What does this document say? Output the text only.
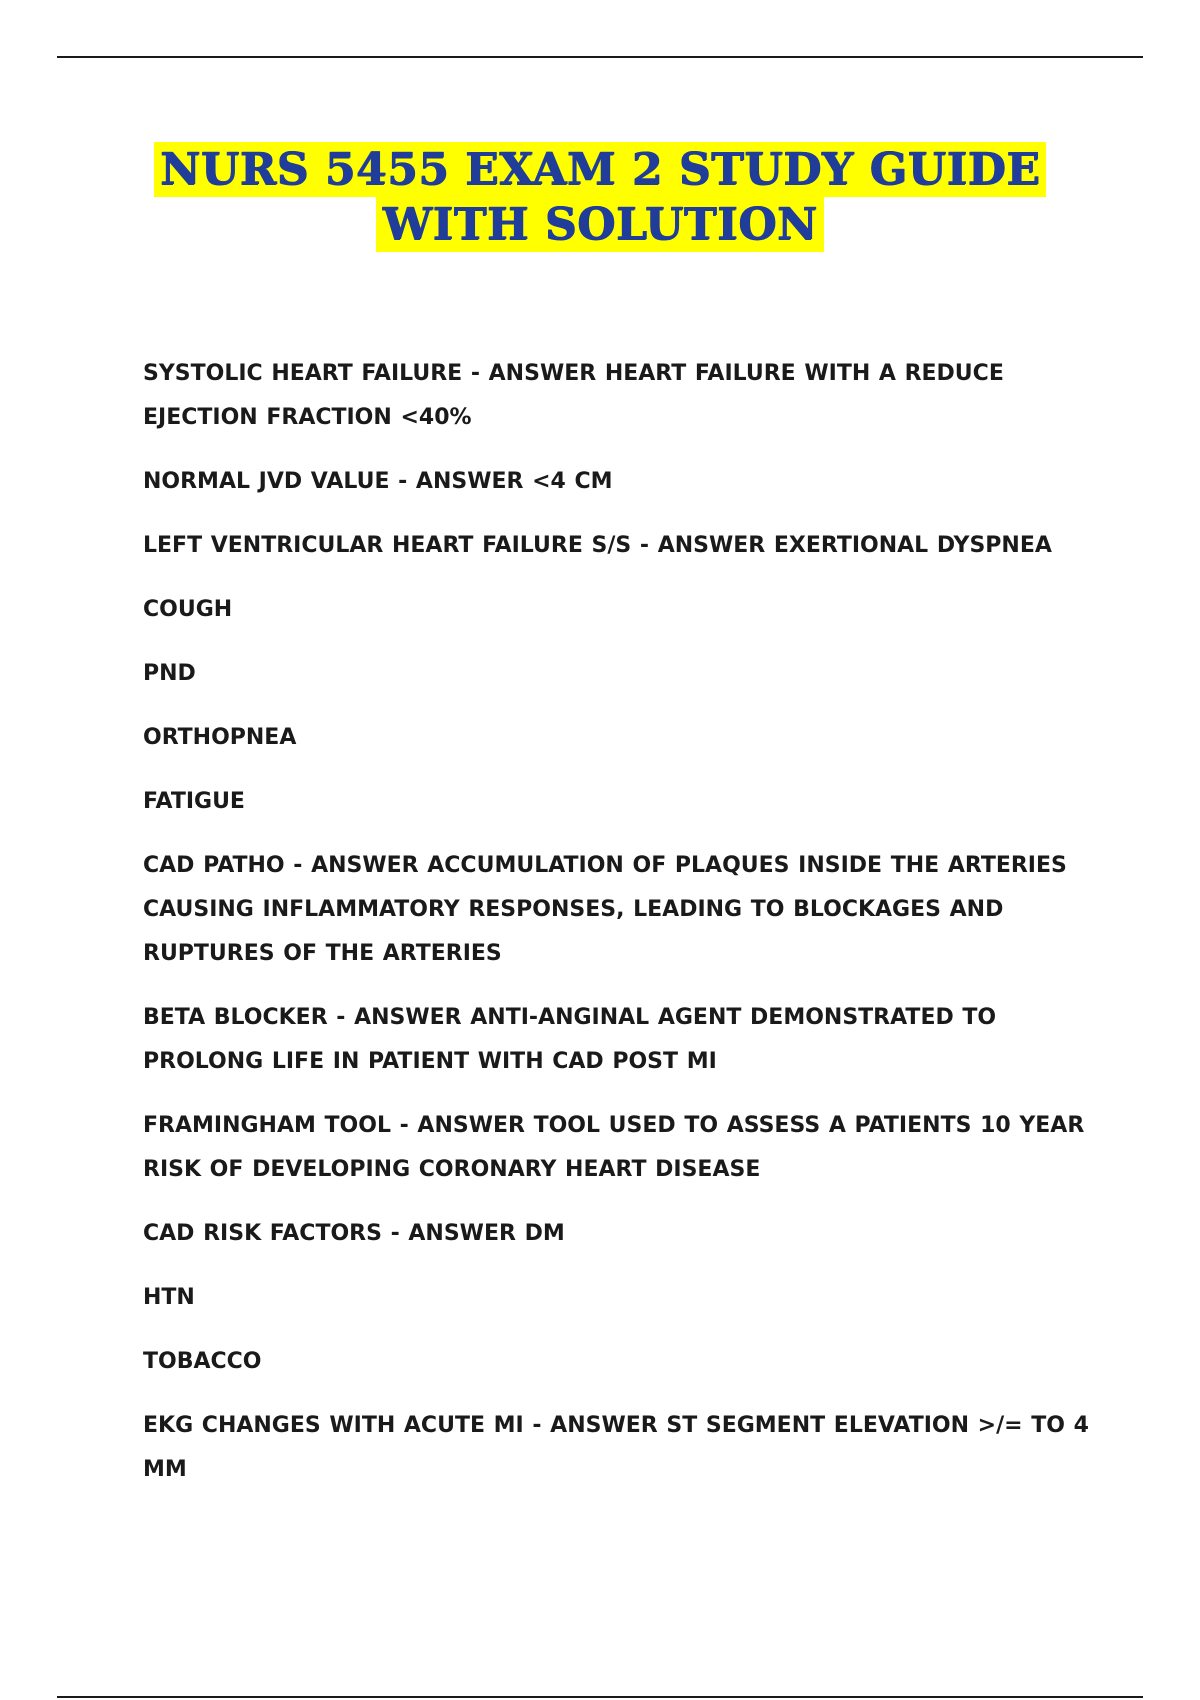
NURS 5455 EXAM 2 STUDY GUIDE
WITH SOLUTION

SYSTOLIC HEART FAILURE - ANSWER HEART FAILURE WITH A REDUCE EJECTION FRACTION <40%

NORMAL JVD VALUE - ANSWER <4 CM

LEFT VENTRICULAR HEART FAILURE S/S - ANSWER EXERTIONAL DYSPNEA

COUGH

PND

ORTHOPNEA

FATIGUE

CAD PATHO - ANSWER ACCUMULATION OF PLAQUES INSIDE THE ARTERIES CAUSING INFLAMMATORY RESPONSES, LEADING TO BLOCKAGES AND RUPTURES OF THE ARTERIES

BETA BLOCKER - ANSWER ANTI-ANGINAL AGENT DEMONSTRATED TO PROLONG LIFE IN PATIENT WITH CAD POST MI

FRAMINGHAM TOOL - ANSWER TOOL USED TO ASSESS A PATIENTS 10 YEAR RISK OF DEVELOPING CORONARY HEART DISEASE

CAD RISK FACTORS - ANSWER DM

HTN

TOBACCO

EKG CHANGES WITH ACUTE MI - ANSWER ST SEGMENT ELEVATION >/= TO 4 MM
